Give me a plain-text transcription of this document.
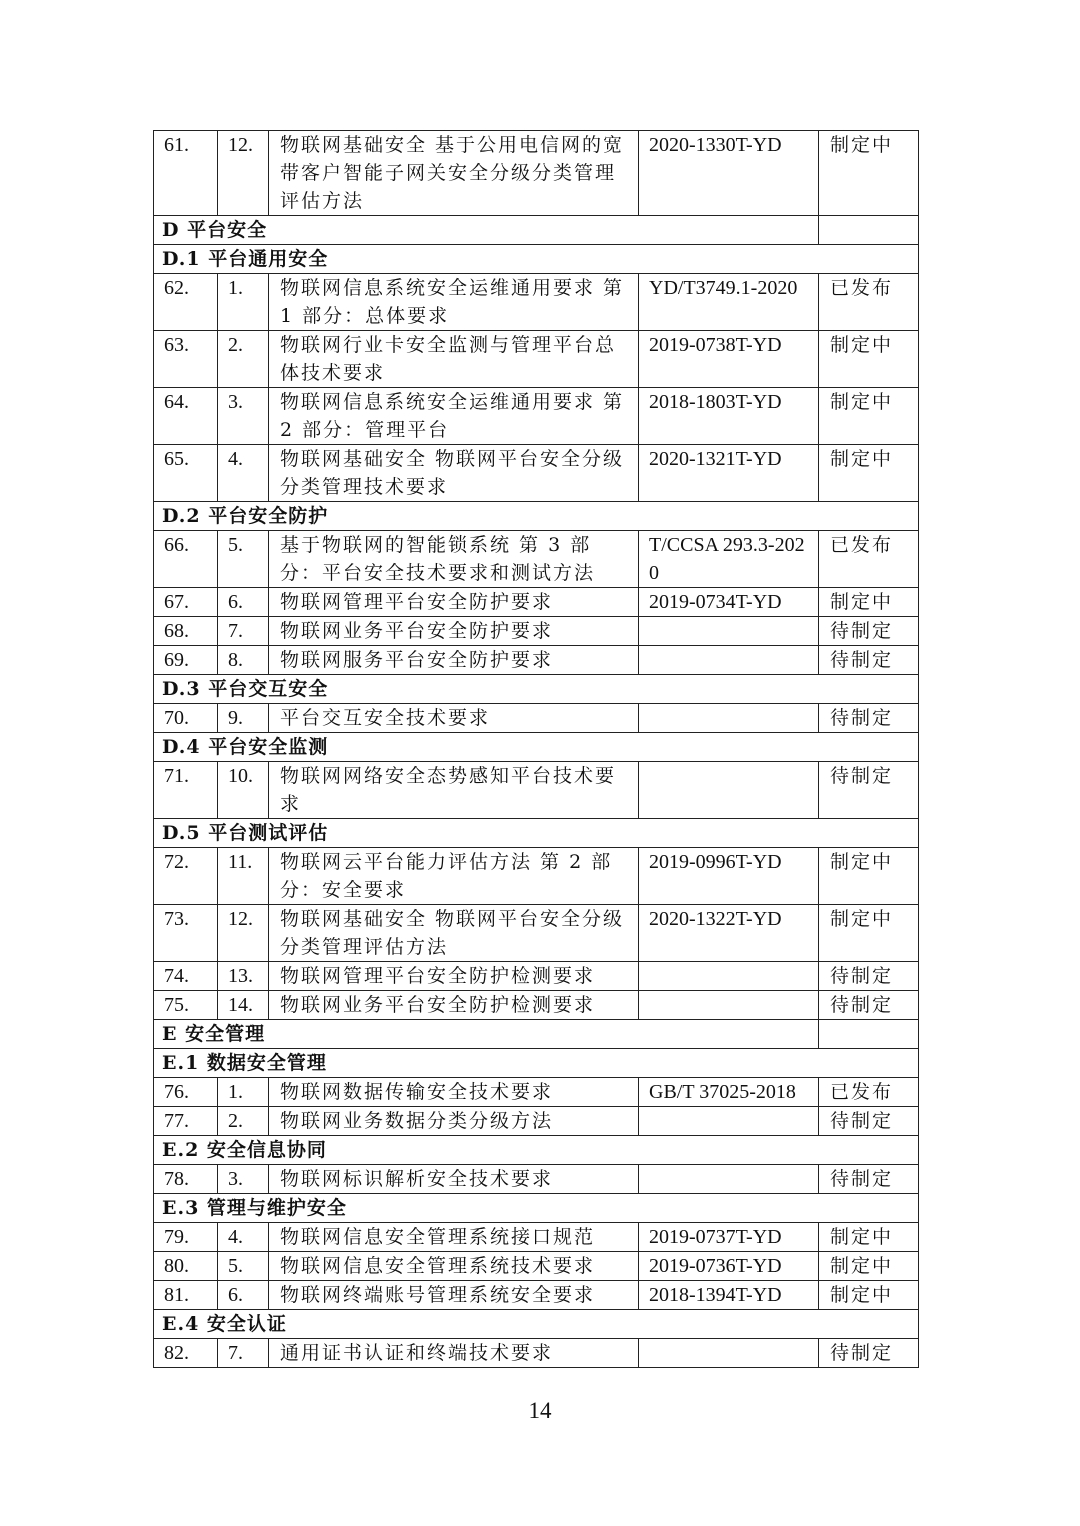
61.	12.	物联网基础安全 基于公用电信网的宽带客户智能子网关安全分级分类管理评估方法	2020-1330T-YD	制定中
D 平台安全				
D.1 平台通用安全				
62.	1.	物联网信息系统安全运维通用要求 第 1 部分：总体要求	YD/T3749.1-2020	已发布
63.	2.	物联网行业卡安全监测与管理平台总体技术要求	2019-0738T-YD	制定中
64.	3.	物联网信息系统安全运维通用要求 第 2 部分：管理平台	2018-1803T-YD	制定中
65.	4.	物联网基础安全 物联网平台安全分级分类管理技术要求	2020-1321T-YD	制定中
D.2 平台安全防护				
66.	5.	基于物联网的智能锁系统 第 3 部分：平台安全技术要求和测试方法	T/CCSA 293.3-2020	已发布
67.	6.	物联网管理平台安全防护要求	2019-0734T-YD	制定中
68.	7.	物联网业务平台安全防护要求		待制定
69.	8.	物联网服务平台安全防护要求		待制定
D.3 平台交互安全				
70.	9.	平台交互安全技术要求		待制定
D.4 平台安全监测				
71.	10.	物联网网络安全态势感知平台技术要求		待制定
D.5 平台测试评估				
72.	11.	物联网云平台能力评估方法 第 2 部分：安全要求	2019-0996T-YD	制定中
73.	12.	物联网基础安全 物联网平台安全分级分类管理评估方法	2020-1322T-YD	制定中
74.	13.	物联网管理平台安全防护检测要求		待制定
75.	14.	物联网业务平台安全防护检测要求		待制定
E 安全管理				
E.1 数据安全管理				
76.	1.	物联网数据传输安全技术要求	GB/T 37025-2018	已发布
77.	2.	物联网业务数据分类分级方法		待制定
E.2 安全信息协同				
78.	3.	物联网标识解析安全技术要求		待制定
E.3 管理与维护安全				
79.	4.	物联网信息安全管理系统接口规范	2019-0737T-YD	制定中
80.	5.	物联网信息安全管理系统技术要求	2019-0736T-YD	制定中
81.	6.	物联网终端账号管理系统安全要求	2018-1394T-YD	制定中
E.4 安全认证				
82.	7.	通用证书认证和终端技术要求		待制定
14
